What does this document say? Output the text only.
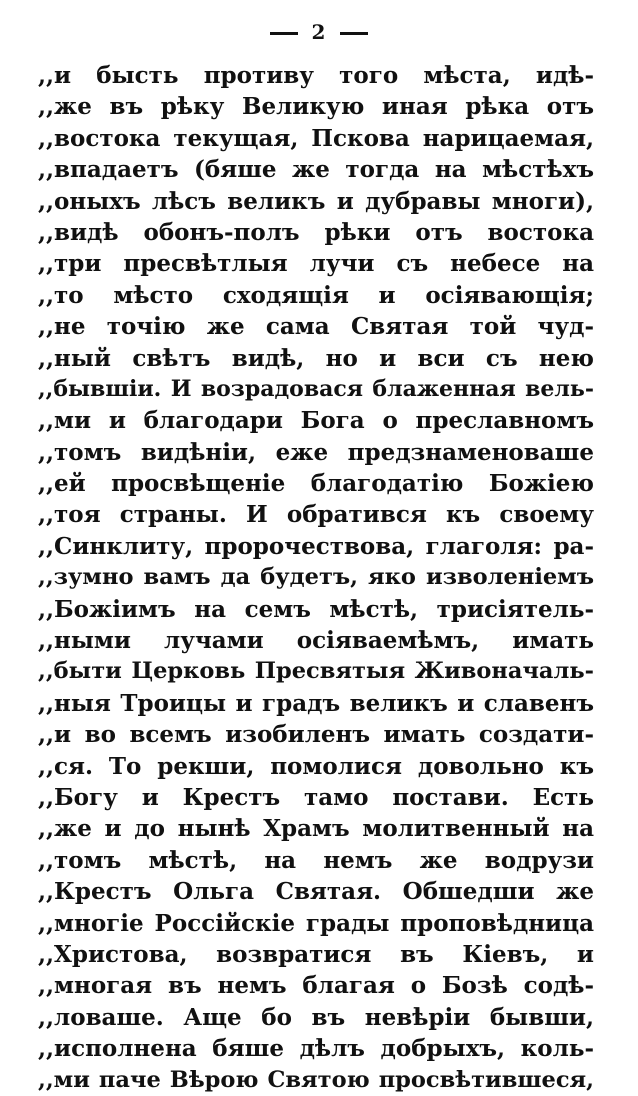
2
,,и бысть противу того мѣста, идѣ-
,,же въ рѣку Великую иная рѣка отъ
,,востока текущая, Пскова нарицаемая,
,,впадаетъ (бяше же тогда на мѣстѣхъ
,,оныхъ лѣсъ великъ и дубравы многи),
,,видѣ обонъ-полъ рѣки отъ востока
,,три пресвѣтлыя лучи съ небесе на
,,то мѣсто сходящія и осіявающія;
,,не точію же сама Святая той чуд-
,,ный свѣтъ видѣ, но и вси съ нею
,,бывшіи. И возрадовася блаженная вель-
,,ми и благодари Бога о преславномъ
,,томъ видѣніи, еже предзнаменоваше
,,ей просвѣщеніе благодатію Божіею
,,тоя страны. И обратився къ своему
,,Синклиту, пророчествова, глаголя: ра-
,,зумно вамъ да будетъ, яко изволеніемъ
,,Божіимъ на семъ мѣстѣ, трисіятель-
,,ными лучами осіяваемѣмъ, имать
,,быти Церковь Пресвятыя Живоначаль-
,,ныя Троицы и градъ великъ и славенъ
,,и во всемъ изобиленъ имать создати-
,,ся. То рекши, помолися довольно къ
,,Богу и Крестъ тамо постави. Есть
,,же и до нынѣ Храмъ молитвенный на
,,томъ мѣстѣ, на немъ же водрузи
,,Крестъ Ольга Святая. Обшедши же
,,многіе Россійскіе грады проповѣдница
,,Христова, возвратися въ Кіевъ, и
,,многая въ немъ благая о Бозѣ содѣ-
,,ловаше. Аще бо въ невѣріи бывши,
,,исполнена бяше дѣлъ добрыхъ, коль-
,,ми паче Вѣрою Святою просвѣтившеся,
